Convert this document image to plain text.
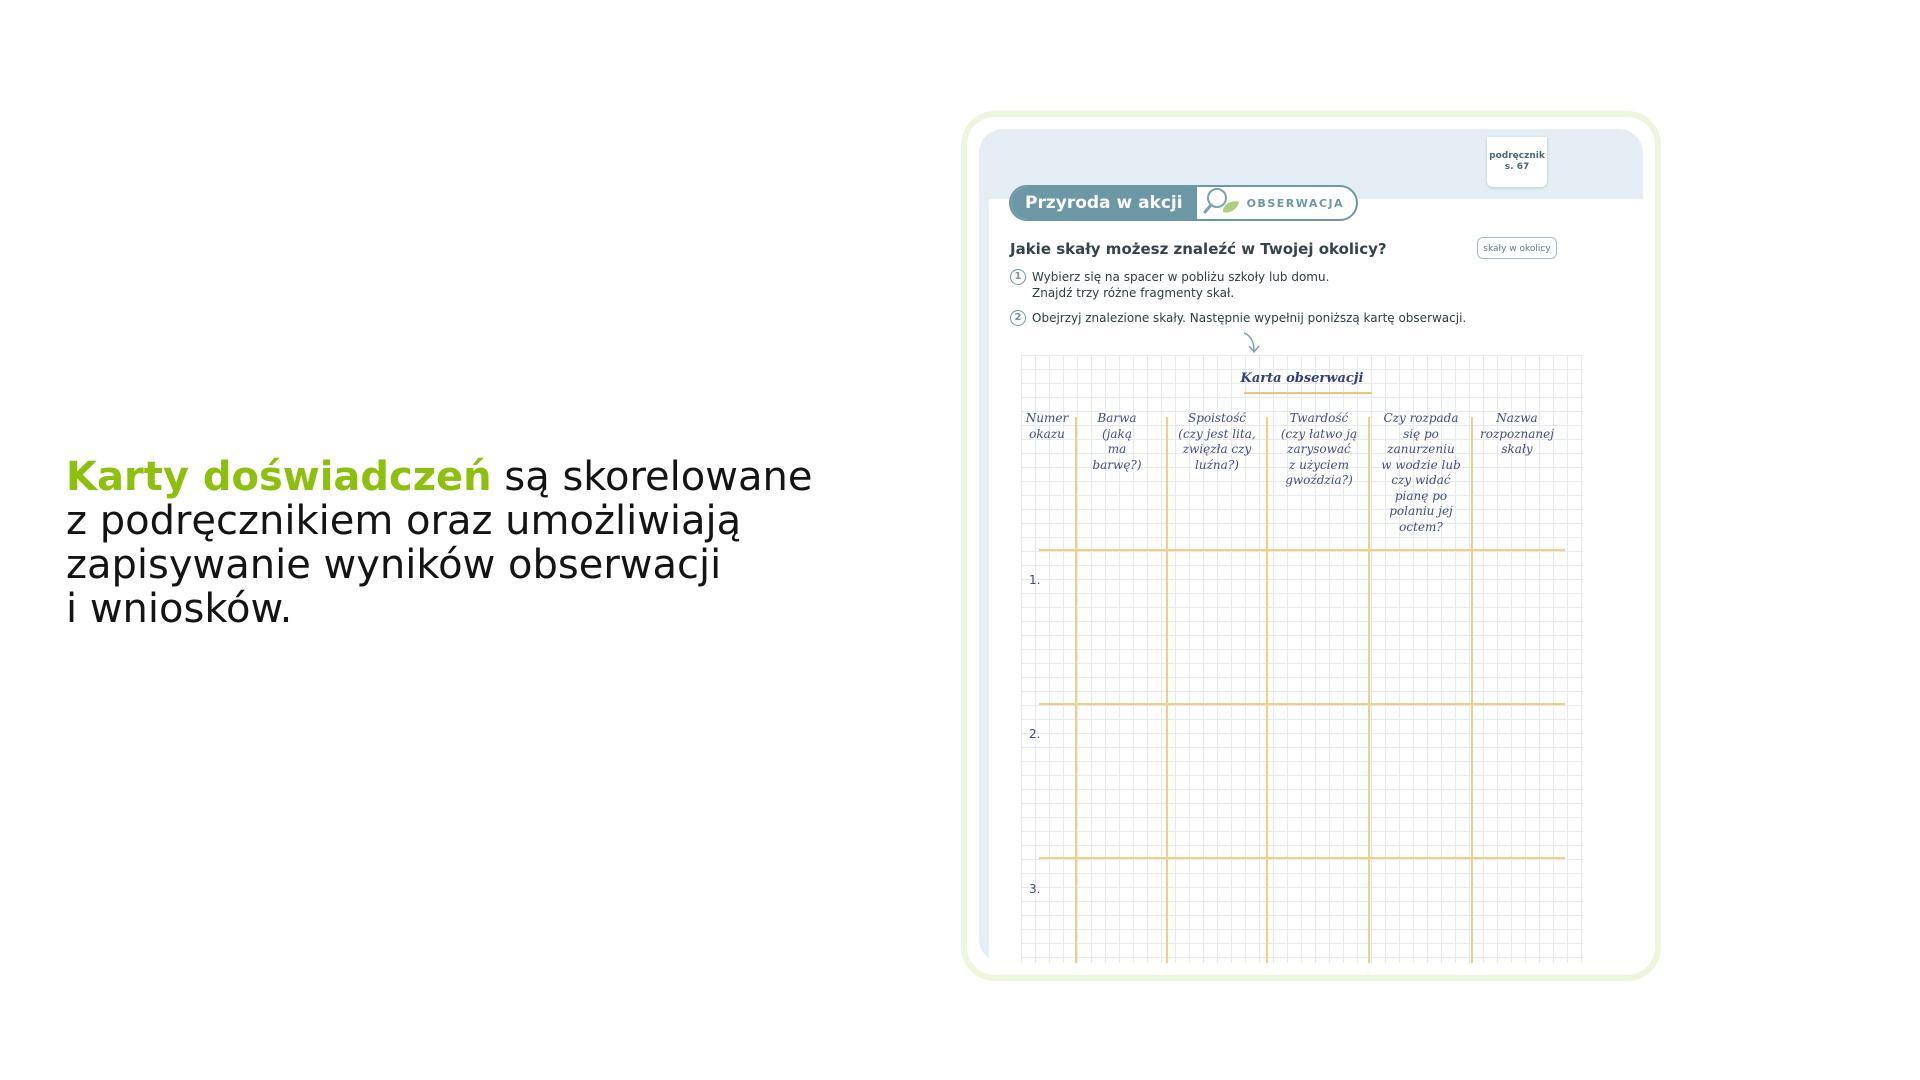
Karty doświadczeń są skorelowane
z podręcznikiem oraz umożliwiają
zapisywanie wyników obserwacji
i wniosków.
podręcznik
s. 67
Przyroda w akcji	OBSERWACJA
Jakie skały możesz znaleźć w Twojej okolicy?	skały w okolicy
1 Wybierz się na spacer w pobliżu szkoły lub domu.
Znajdź trzy różne fragmenty skał.
2 Obejrzyj znalezione skały. Następnie wypełnij poniższą kartę obserwacji.
Karta obserwacji
Numer
okazu
Barwa
(jaką
ma
barwę?)
Spoistość
(czy jest lita,
zwięzła czy
luźna?)
Twardość
(czy łatwo ją
zarysować
z użyciem
gwoździa?)
Czy rozpada
się po
zanurzeniu
w wodzie lub
czy widać
pianę po
polaniu jej
octem?
Nazwa
rozpoznanej
skały
1.
2.
3.
